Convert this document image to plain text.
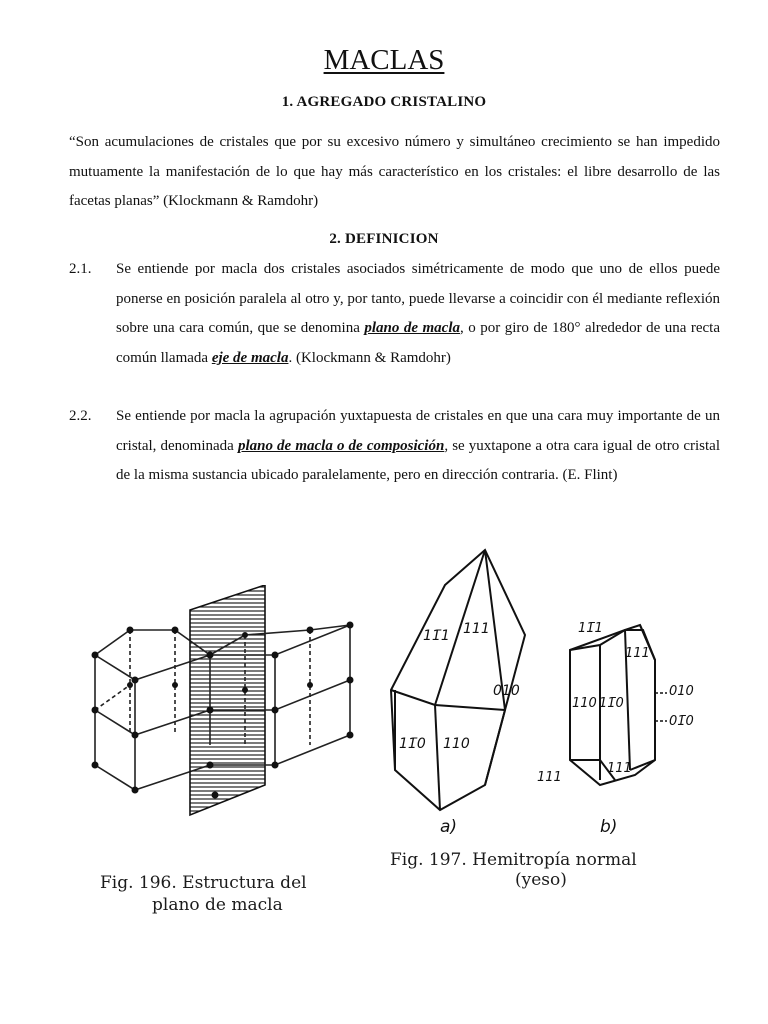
MACLAS
1. AGREGADO CRISTALINO
“Son acumulaciones de cristales que por su excesivo número y simultáneo crecimiento se han impedido mutuamente la manifestación de lo que hay más característico en los cristales: el libre desarrollo de las facetas planas” (Klockmann & Ramdohr)
2. DEFINICION
2.1. Se entiende por macla dos cristales asociados simétricamente de modo que uno de ellos puede ponerse en posición paralela al otro y, por tanto, puede llevarse a coincidir con él mediante reflexión sobre una cara común, que se denomina plano de macla, o por giro de 180° alrededor de una recta común llamada eje de macla. (Klockmann & Ramdohr)
2.2. Se entiende por macla la agrupación yuxtapuesta de cristales en que una cara muy importante de un cristal, denominada plano de macla o de composición, se yuxtapone a otra cara igual de otro cristal de la misma sustancia ubicado paralelamente, pero en dirección contraria. (E. Flint)
11̄1 111
010
11̄0 110
a)
11̄1
111
110 11̄0
010
01̄0
111
111
b)
Fig. 196. Estructura del
plano de macla
Fig. 197. Hemitropía normal
(yeso)
